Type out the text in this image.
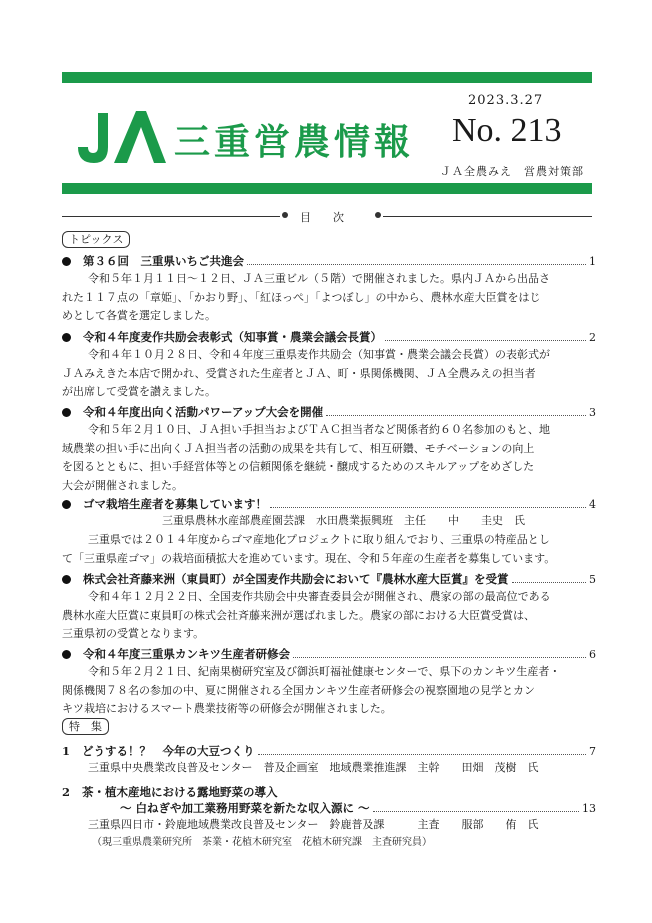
2023.3.27
三重営農情報 No. 213
ＪＡ全農みえ　営農対策部
目　　次
トピックス
第３６回　三重県いちご共進会	1
令和５年１月１１日～１２日、ＪＡ三重ビル（５階）で開催されました。県内ＪＡから出品さ
れた１１７点の「章姫」、「かおり野」、「紅ほっぺ」「よつぼし」の中から、農林水産大臣賞をはじ
めとして各賞を選定しました。
令和４年度麦作共励会表彰式（知事賞・農業会議会長賞）	2
令和４年１０月２８日、令和４年度三重県麦作共励会（知事賞・農業会議会長賞）の表彰式が
ＪＡみえきた本店で開かれ、受賞された生産者とＪＡ、町・県関係機関、ＪＡ全農みえの担当者
が出席して受賞を讃えました。
令和４年度出向く活動パワーアップ大会を開催	3
令和５年２月１０日、ＪＡ担い手担当およびＴＡＣ担当者など関係者約６０名参加のもと、地
域農業の担い手に出向くＪＡ担当者の活動の成果を共有して、相互研鑽、モチベーションの向上
を図るとともに、担い手経営体等との信頼関係を継続・醸成するためのスキルアップをめざした
大会が開催されました。
ゴマ栽培生産者を募集しています！	4
三重県農林水産部農産園芸課　水田農業振興班　主任　　中　　圭史　氏
三重県では２０１４年度からゴマ産地化プロジェクトに取り組んでおり、三重県の特産品とし
て「三重県産ゴマ」の栽培面積拡大を進めています。現在、令和５年産の生産者を募集しています。
株式会社斉藤来洲（東員町）が全国麦作共励会において『農林水産大臣賞』を受賞	5
令和４年１２月２２日、全国麦作共励会中央審査委員会が開催され、農家の部の最高位である
農林水産大臣賞に東員町の株式会社斉藤来洲が選ばれました。農家の部における大臣賞受賞は、
三重県初の受賞となります。
令和４年度三重県カンキツ生産者研修会	6
令和５年２月２１日、紀南果樹研究室及び御浜町福祉健康センターで、県下のカンキツ生産者・
関係機関７８名の参加の中、夏に開催される全国カンキツ生産者研修会の視察園地の見学とカン
キツ栽培におけるスマート農業技術等の研修会が開催されました。
特　集
1	どうする！？　今年の大豆つくり	7
三重県中央農業改良普及センター　普及企画室　地域農業推進課　主幹　　田畑　茂樹　氏
2	茶・植木産地における露地野菜の導入
～ 白ねぎや加工業務用野菜を新たな収入源に ～	13
三重県四日市・鈴鹿地域農業改良普及センター　鈴鹿普及課　　　主査　　服部　　侑　氏
（現三重県農業研究所　茶業・花植木研究室　花植木研究課　主査研究員）
